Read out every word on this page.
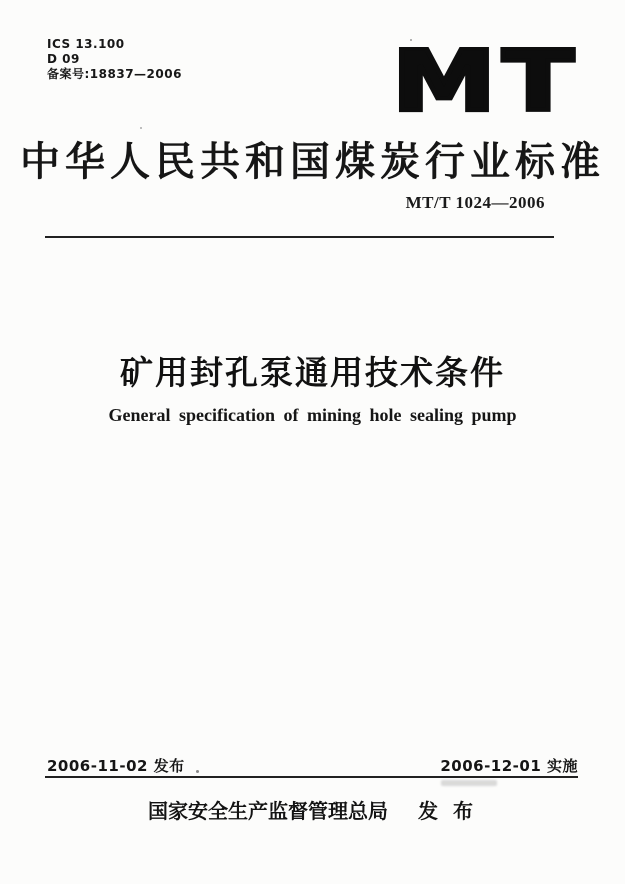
ICS 13.100
D 09
备案号:18837—2006	MT
中华人民共和国煤炭行业标准
MT/T 1024—2006
矿用封孔泵通用技术条件
General specification of mining hole sealing pump
2006-11-02 发布	2006-12-01 实施
国家安全生产监督管理总局 发 布
